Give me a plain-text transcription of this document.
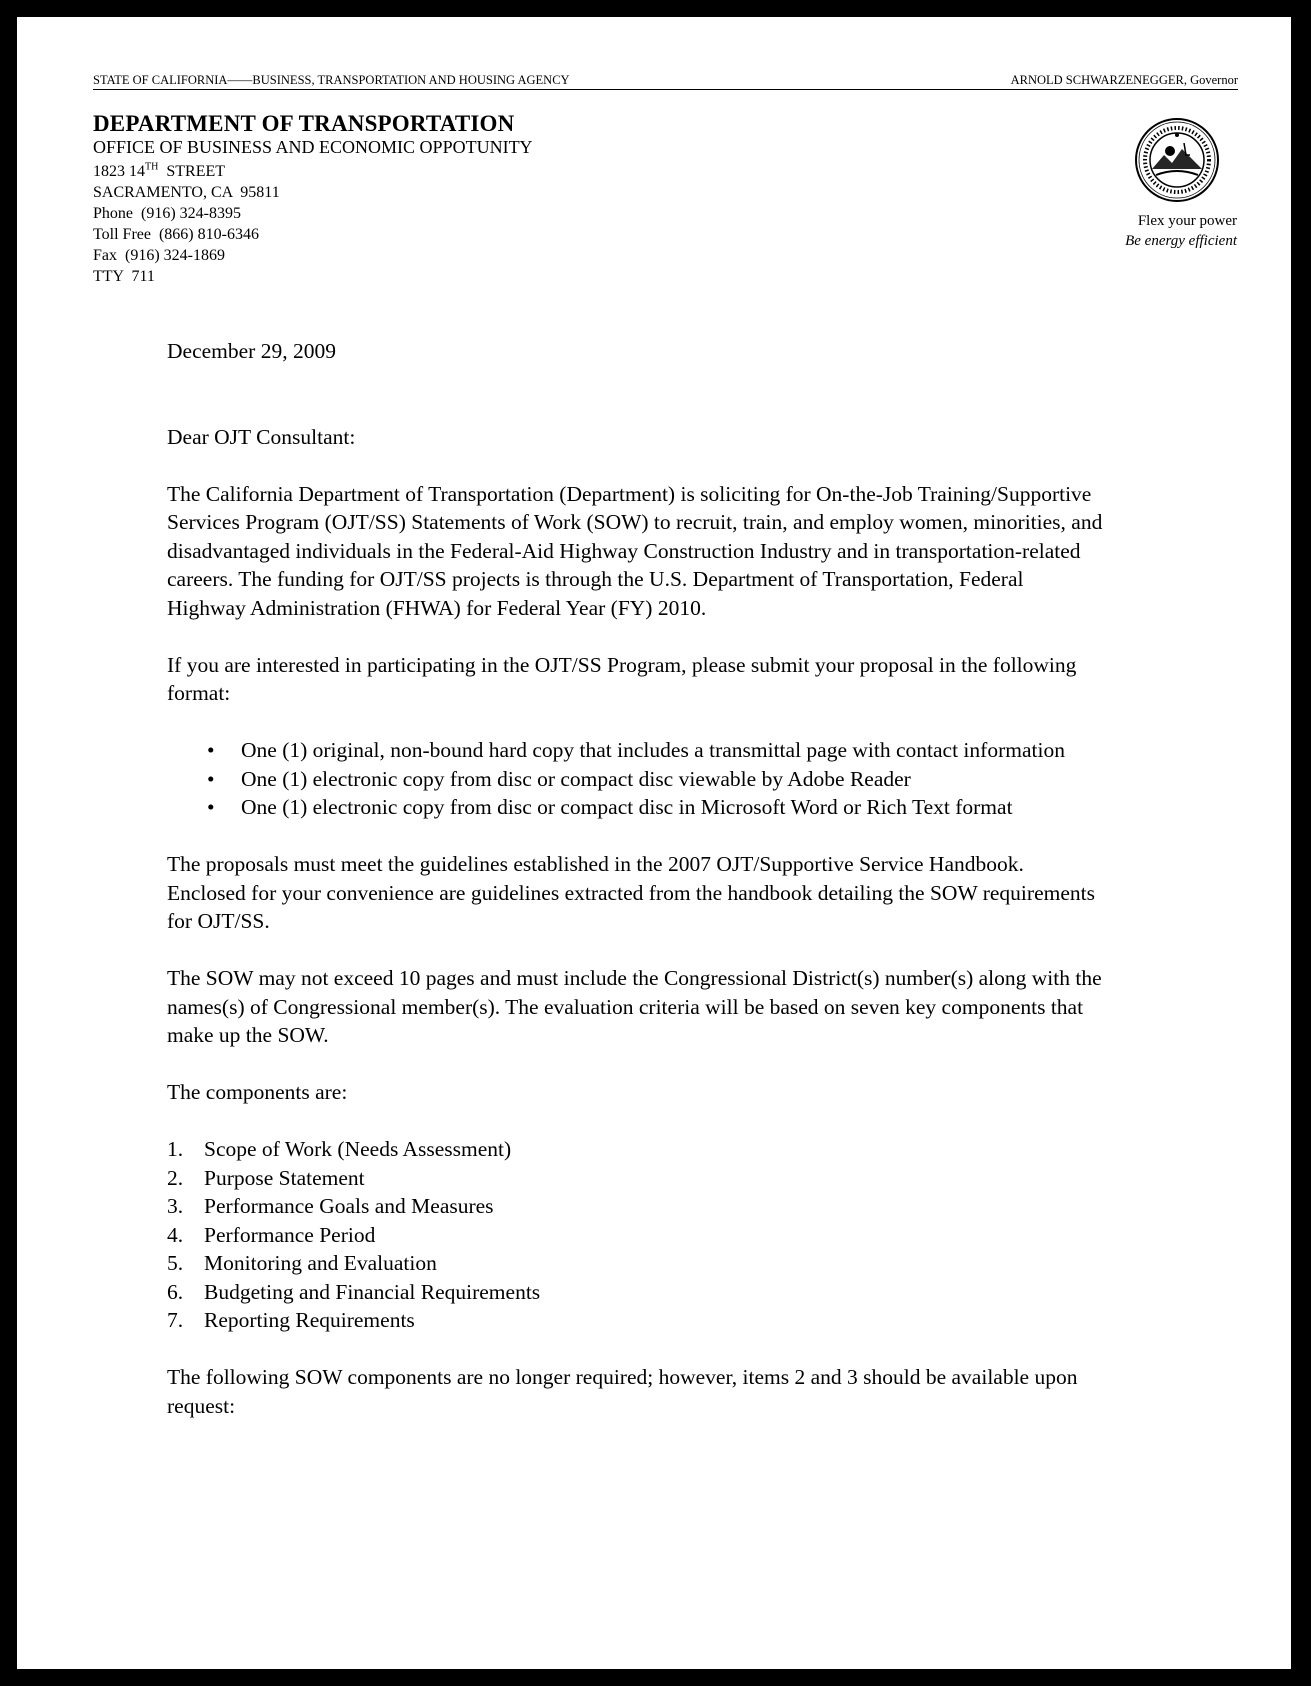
STATE OF CALIFORNIA——BUSINESS, TRANSPORTATION AND HOUSING AGENCY	ARNOLD SCHWARZENEGGER, Governor
DEPARTMENT OF TRANSPORTATION
OFFICE OF BUSINESS AND ECONOMIC OPPOTUNITY
1823 14TH  STREET
SACRAMENTO, CA  95811
Phone  (916) 324-8395
Toll Free  (866) 810-6346
Fax  (916) 324-1869
TTY  711
Flex your power
Be energy efficient

December 29, 2009

Dear OJT Consultant:

The California Department of Transportation (Department) is soliciting for On-the-Job Training/Supportive Services Program (OJT/SS) Statements of Work (SOW) to recruit, train, and employ women, minorities, and disadvantaged individuals in the Federal-Aid Highway Construction Industry and in transportation-related careers. The funding for OJT/SS projects is through the U.S. Department of Transportation, Federal Highway Administration (FHWA) for Federal Year (FY) 2010.

If you are interested in participating in the OJT/SS Program, please submit your proposal in the following format:

• One (1) original, non-bound hard copy that includes a transmittal page with contact information
• One (1) electronic copy from disc or compact disc viewable by Adobe Reader
• One (1) electronic copy from disc or compact disc in Microsoft Word or Rich Text format

The proposals must meet the guidelines established in the 2007 OJT/Supportive Service Handbook. Enclosed for your convenience are guidelines extracted from the handbook detailing the SOW requirements for OJT/SS.

The SOW may not exceed 10 pages and must include the Congressional District(s) number(s) along with the names(s) of Congressional member(s). The evaluation criteria will be based on seven key components that make up the SOW.

The components are:

1. Scope of Work (Needs Assessment)
2. Purpose Statement
3. Performance Goals and Measures
4. Performance Period
5. Monitoring and Evaluation
6. Budgeting and Financial Requirements
7. Reporting Requirements

The following SOW components are no longer required; however, items 2 and 3 should be available upon request:
